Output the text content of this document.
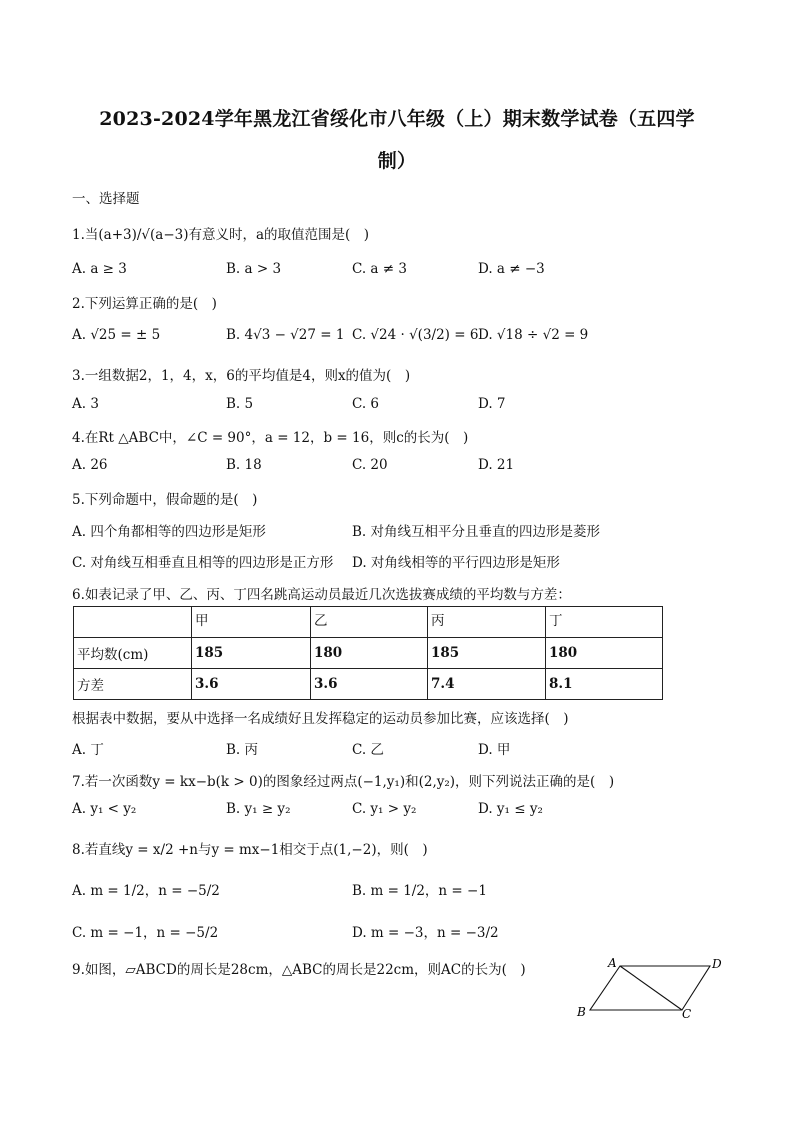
2023-2024学年黑龙江省绥化市八年级（上）期末数学试卷（五四学
制）
一、选择题
1.当(a+3)/√(a−3)有意义时，a的取值范围是(　)
A. a ≥ 3	B. a > 3	C. a ≠ 3	D. a ≠ −3
2.下列运算正确的是(　)
A. √25 = ± 5	B. 4√3 − √27 = 1 C. √24 · √(3/2) = 6 D. √18 ÷ √2 = 9
3.一组数据2，1，4，x，6的平均值是4，则x的值为(　)
A. 3	B. 5	C. 6	D. 7
4.在Rt △ABC中，∠C = 90°，a = 12，b = 16，则c的长为(　)
A. 26	B. 18	C. 20	D. 21
5.下列命题中，假命题的是(　)
A. 四个角都相等的四边形是矩形	B. 对角线互相平分且垂直的四边形是菱形
C. 对角线互相垂直且相等的四边形是正方形 D. 对角线相等的平行四边形是矩形
6.如表记录了甲、乙、丙、丁四名跳高运动员最近几次选拔赛成绩的平均数与方差：
	甲	乙	丙	丁
平均数(cm)	185	180	185	180
方差	3.6	3.6	7.4	8.1
根据表中数据，要从中选择一名成绩好且发挥稳定的运动员参加比赛，应该选择(　)
A. 丁	B. 丙	C. 乙	D. 甲
7.若一次函数y = kx−b(k > 0)的图象经过两点(−1,y₁)和(2,y₂)，则下列说法正确的是(　)
A. y₁ < y₂	B. y₁ ≥ y₂	C. y₁ > y₂	D. y₁ ≤ y₂
8.若直线y = x/2 +n与y = mx−1相交于点(1,−2)，则(　)
A. m = 1/2，n = −5/2	B. m = 1/2，n = −1
C. m = −1，n = −5/2	D. m = −3，n = −3/2
9.如图，▱ABCD的周长是28cm，△ABC的周长是22cm，则AC的长为(　)	A	D
B	C
